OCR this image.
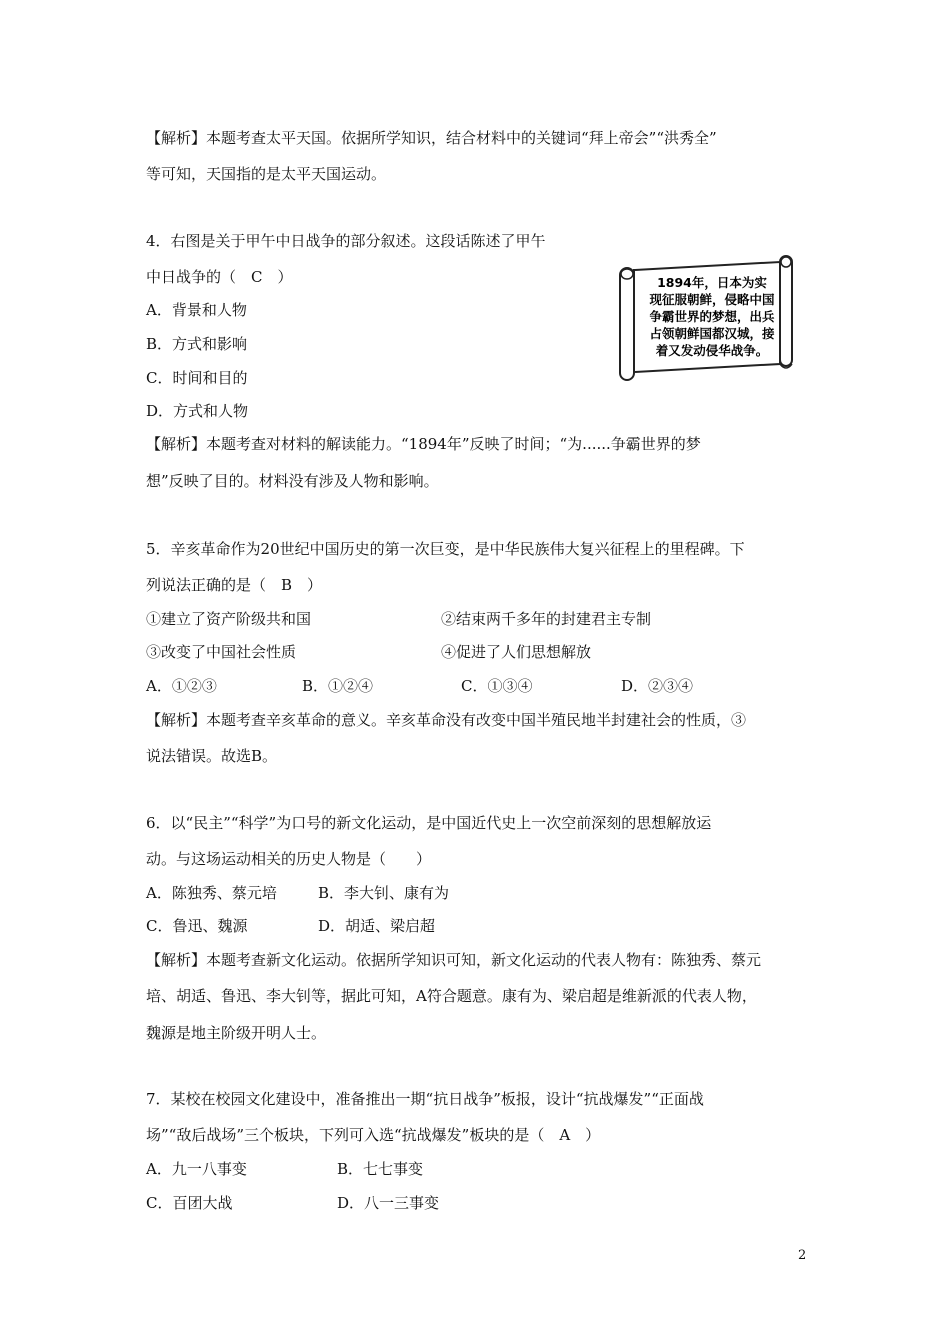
【解析】本题考查太平天国。依据所学知识，结合材料中的关键词“拜上帝会”“洪秀全”
等可知，天国指的是太平天国运动。
4．右图是关于甲午中日战争的部分叙述。这段话陈述了甲午
中日战争的（　C　）
A．背景和人物
B．方式和影响
C．时间和目的
D．方式和人物
【解析】本题考查对材料的解读能力。“1894年”反映了时间；“为......争霸世界的梦
想”反映了目的。材料没有涉及人物和影响。
1894年，日本为实
现征服朝鲜，侵略中国
争霸世界的梦想，出兵
占领朝鲜国都汉城，接
着又发动侵华战争。
5．辛亥革命作为20世纪中国历史的第一次巨变，是中华民族伟大复兴征程上的里程碑。下
列说法正确的是（　B　）
①建立了资产阶级共和国	②结束两千多年的封建君主专制
③改变了中国社会性质	④促进了人们思想解放
A．①②③	B．①②④	C．①③④	D．②③④
【解析】本题考查辛亥革命的意义。辛亥革命没有改变中国半殖民地半封建社会的性质，③
说法错误。故选B。
6．以“民主”“科学”为口号的新文化运动，是中国近代史上一次空前深刻的思想解放运
动。与这场运动相关的历史人物是（　　）
A．陈独秀、蔡元培	B．李大钊、康有为
C．鲁迅、魏源	D．胡适、梁启超
【解析】本题考查新文化运动。依据所学知识可知，新文化运动的代表人物有：陈独秀、蔡元
培、胡适、鲁迅、李大钊等，据此可知，A符合题意。康有为、梁启超是维新派的代表人物，
魏源是地主阶级开明人士。
7．某校在校园文化建设中，准备推出一期“抗日战争”板报，设计“抗战爆发”“正面战
场”“敌后战场”三个板块，下列可入选“抗战爆发”板块的是（　A　）
A．九一八事变	B．七七事变
C．百团大战	D．八一三事变
2
